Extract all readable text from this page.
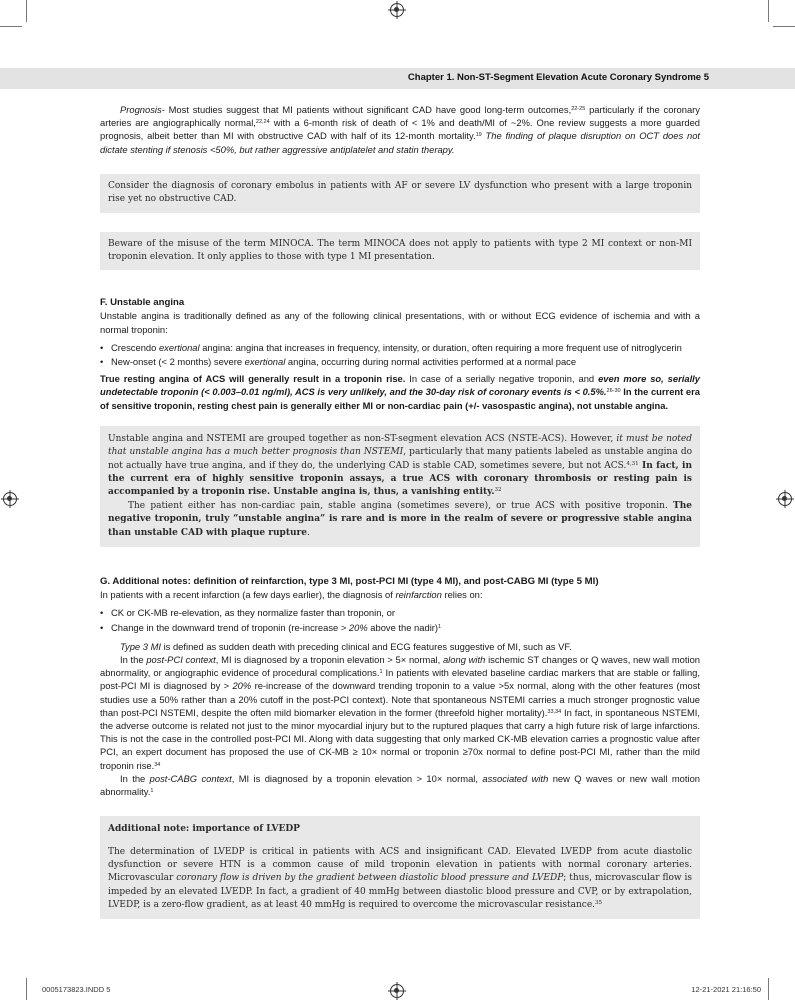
Chapter 1. Non-ST-Segment Elevation Acute Coronary Syndrome 5

Prognosis- Most studies suggest that MI patients without significant CAD have good long-term outcomes,$^{22-25}$ particularly if the coronary arteries are angiographically normal,$^{22,24}$ with a 6-month risk of death of < 1% and death/MI of ~2%. One review suggests a more guarded prognosis, albeit better than MI with obstructive CAD with half of its 12-month mortality.$^{19}$ The finding of plaque disruption on OCT does not dictate stenting if stenosis <50%, but rather aggressive antiplatelet and statin therapy.

Consider the diagnosis of coronary embolus in patients with AF or severe LV dysfunction who present with a large troponin rise yet no obstructive CAD.

Beware of the misuse of the term MINOCA. The term MINOCA does not apply to patients with type 2 MI context or non-MI troponin elevation. It only applies to those with type 1 MI presentation.

F. Unstable angina

Unstable angina is traditionally defined as any of the following clinical presentations, with or without ECG evidence of ischemia and with a normal troponin:

• Crescendo exertional angina: angina that increases in frequency, intensity, or duration, often requiring a more frequent use of nitroglycerin
• New-onset (< 2 months) severe exertional angina, occurring during normal activities performed at a normal pace

True resting angina of ACS will generally result in a troponin rise. In case of a serially negative troponin, and even more so, serially undetectable troponin (< 0.003–0.01 ng/ml), ACS is very unlikely, and the 30-day risk of coronary events is < 0.5%.$^{26-30}$ In the current era of sensitive troponin, resting chest pain is generally either MI or non-cardiac pain (+/- vasospastic angina), not unstable angina.

Unstable angina and NSTEMI are grouped together as non-ST-segment elevation ACS (NSTE-ACS). However, it must be noted that unstable angina has a much better prognosis than NSTEMI, particularly that many patients labeled as unstable angina do not actually have true angina, and if they do, the underlying CAD is stable CAD, sometimes severe, but not ACS.$^{4,31}$ In fact, in the current era of highly sensitive troponin assays, a true ACS with coronary thrombosis or resting pain is accompanied by a troponin rise. Unstable angina is, thus, a vanishing entity.$^{32}$

The patient either has non-cardiac pain, stable angina (sometimes severe), or true ACS with positive troponin. The negative troponin, truly “unstable angina” is rare and is more in the realm of severe or progressive stable angina than unstable CAD with plaque rupture.

G. Additional notes: definition of reinfarction, type 3 MI, post-PCI MI (type 4 MI), and post-CABG MI (type 5 MI)

In patients with a recent infarction (a few days earlier), the diagnosis of reinfarction relies on:

• CK or CK-MB re-elevation, as they normalize faster than troponin, or
• Change in the downward trend of troponin (re-increase > 20% above the nadir)$^1$

Type 3 MI is defined as sudden death with preceding clinical and ECG features suggestive of MI, such as VF.

In the post-PCI context, MI is diagnosed by a troponin elevation > 5× normal, along with ischemic ST changes or Q waves, new wall motion abnormality, or angiographic evidence of procedural complications.$^1$ In patients with elevated baseline cardiac markers that are stable or falling, post-PCI MI is diagnosed by > 20% re-increase of the downward trending troponin to a value >5x normal, along with the other features (most studies use a 50% rather than a 20% cutoff in the post-PCI context). Note that spontaneous NSTEMI carries a much stronger prognostic value than post-PCI NSTEMI, despite the often mild biomarker elevation in the former (threefold higher mortality).$^{33,34}$ In fact, in spontaneous NSTEMI, the adverse outcome is related not just to the minor myocardial injury but to the ruptured plaques that carry a high future risk of large infarctions. This is not the case in the controlled post-PCI MI. Along with data suggesting that only marked CK-MB elevation carries a prognostic value after PCI, an expert document has proposed the use of CK-MB ≥ 10× normal or troponin ≥70x normal to define post-PCI MI, rather than the mild troponin rise.$^{34}$

In the post-CABG context, MI is diagnosed by a troponin elevation > 10× normal, associated with new Q waves or new wall motion abnormality.$^1$

Additional note: importance of LVEDP

The determination of LVEDP is critical in patients with ACS and insignificant CAD. Elevated LVEDP from acute diastolic dysfunction or severe HTN is a common cause of mild troponin elevation in patients with normal coronary arteries. Microvascular coronary flow is driven by the gradient between diastolic blood pressure and LVEDP; thus, microvascular flow is impeded by an elevated LVEDP. In fact, a gradient of 40 mmHg between diastolic blood pressure and CVP, or by extrapolation, LVEDP, is a zero-flow gradient, as at least 40 mmHg is required to overcome the microvascular resistance.$^{35}$

0005173823.INDD 5	12-21-2021 21:16:50
